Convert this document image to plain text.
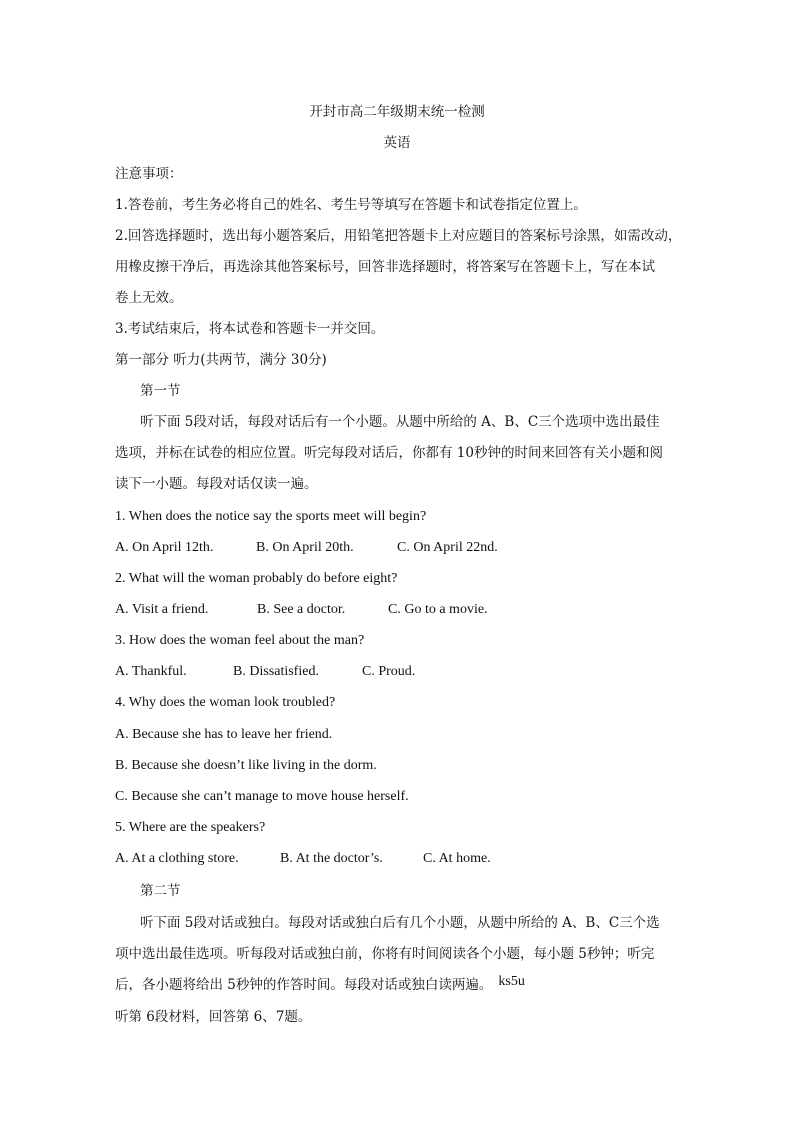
开封市高二年级期末统一检测
英语
注意事项：
1.答卷前，考生务必将自己的姓名、考生号等填写在答题卡和试卷指定位置上。
2.回答选择题时，选出每小题答案后，用铅笔把答题卡上对应题目的答案标号涂黑，如需改动，
用橡皮擦干净后，再选涂其他答案标号，回答非选择题时，将答案写在答题卡上，写在本试
卷上无效。
3.考试结束后，将本试卷和答题卡一并交回。
第一部分 听力(共两节，满分 30分)
第一节
听下面 5段对话，每段对话后有一个小题。从题中所给的 A、B、C三个选项中选出最佳
选项，并标在试卷的相应位置。听完每段对话后，你都有 10秒钟的时间来回答有关小题和阅
读下一小题。每段对话仅读一遍。
1. When does the notice say the sports meet will begin?
A. On April 12th.	B. On April 20th.	C. On April 22nd.
2. What will the woman probably do before eight?
A. Visit a friend.	B. See a doctor.	C. Go to a movie.
3. How does the woman feel about the man?
A. Thankful.	B. Dissatisfied.	C. Proud.
4. Why does the woman look troubled?
A. Because she has to leave her friend.
B. Because she doesn’t like living in the dorm.
C. Because she can’t manage to move house herself.
5. Where are the speakers?
A. At a clothing store.	B. At the doctor’s.	C. At home.
第二节
听下面 5段对话或独白。每段对话或独白后有几个小题，从题中所给的 A、B、C三个选
项中选出最佳选项。听每段对话或独白前，你将有时间阅读各个小题，每小题 5秒钟；听完
后，各小题将给出 5秒钟的作答时间。每段对话或独白读两遍。 ks5u
听第 6段材料，回答第 6、7题。
